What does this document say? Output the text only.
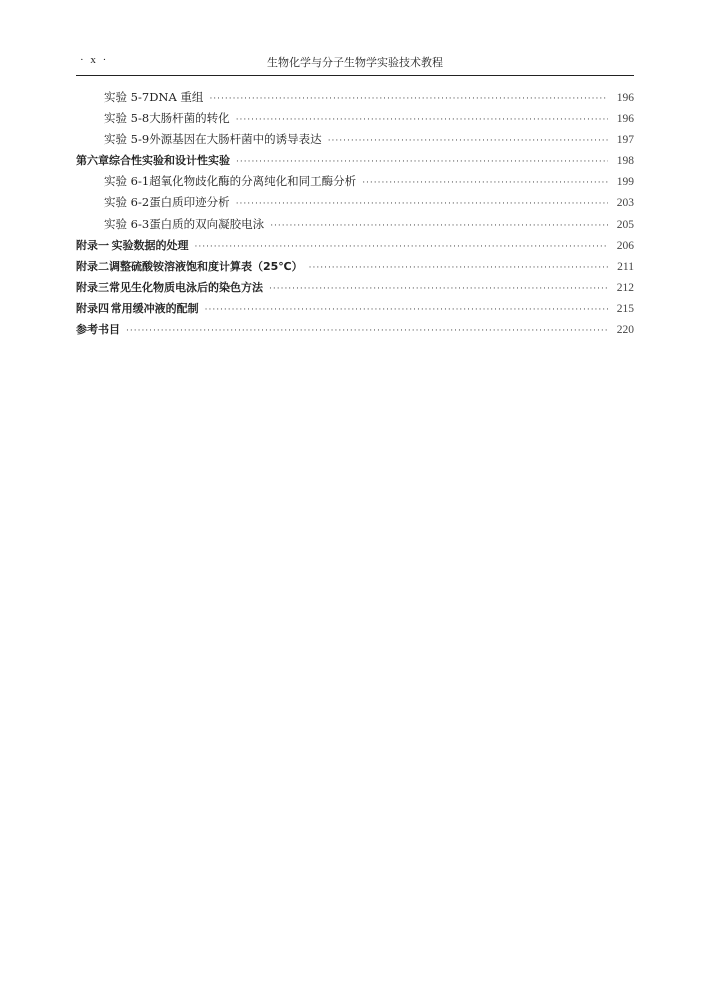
· x ·	生物化学与分子生物学实验技术教程
实验 5-7 DNA 重组 ·····	196
实验 5-8 大肠杆菌的转化 ·····	196
实验 5-9 外源基因在大肠杆菌中的诱导表达 ·····	197
第六章 综合性实验和设计性实验 ·····	198
实验 6-1 超氧化物歧化酶的分离纯化和同工酶分析 ·····	199
实验 6-2 蛋白质印迹分析 ·····	203
实验 6-3 蛋白质的双向凝胶电泳 ·····	205
附录一 实验数据的处理 ·····	206
附录二 调整硫酸铵溶液饱和度计算表（25℃） ·····	211
附录三 常见生化物质电泳后的染色方法 ·····	212
附录四 常用缓冲液的配制 ·····	215
参考书目 ·····	220
